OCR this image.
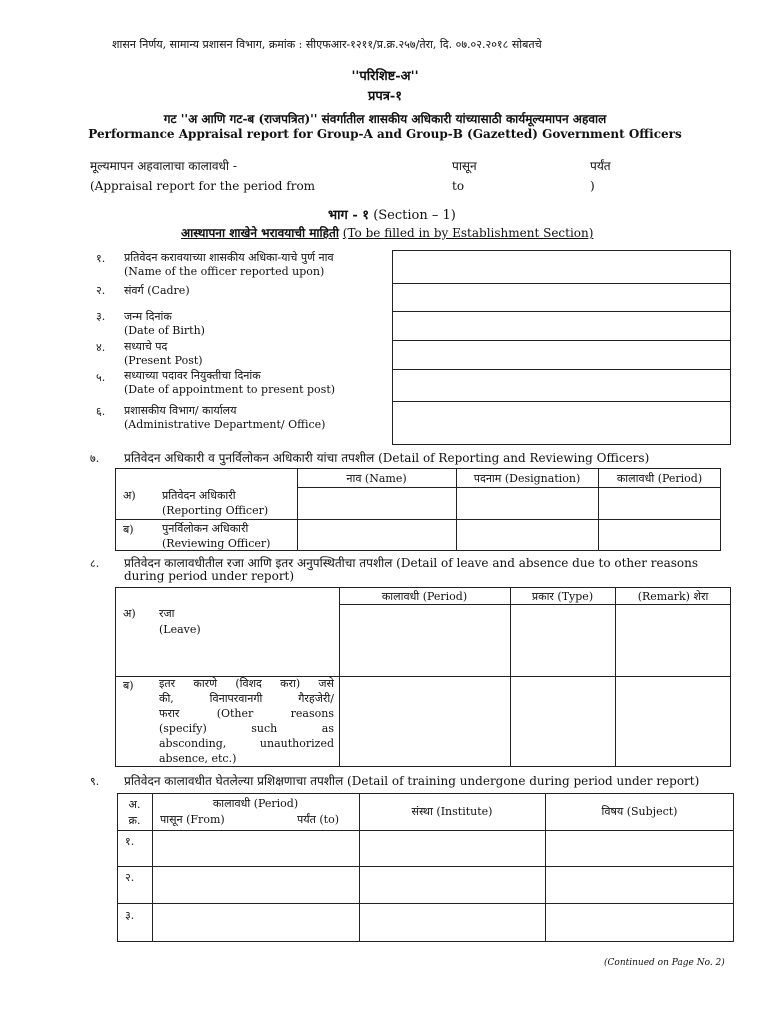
शासन निर्णय, सामान्य प्रशासन विभाग, क्रमांक : सीएफआर-१२११/प्र.क्र.२५७/तेरा, दि. ०७.०२.२०१८ सोबतचे
''परिशिष्ट-अ''
प्रपत्र-१
गट ''अ आणि गट-ब (राजपत्रित)'' संवर्गातील शासकीय अधिकारी यांच्यासाठी कार्यमूल्यमापन अहवाल
Performance Appraisal report for Group-A and Group-B (Gazetted) Government Officers
मूल्यमापन अहवालाचा कालावधी -	पासून	पर्यंत
(Appraisal report for the period from	to	)
भाग - १ (Section – 1)
आस्थापना शाखेने भरावयाची माहिती (To be filled in by Establishment Section)
१. प्रतिवेदन करावयाच्या शासकीय अधिका-याचे पुर्ण नाव
(Name of the officer reported upon)
२. संवर्ग (Cadre)
३. जन्म दिनांक
(Date of Birth)
४. सध्याचे पद
(Present Post)
५. सध्याच्या पदावर नियुक्तीचा दिनांक
(Date of appointment to present post)
६. प्रशासकीय विभाग/ कार्यालय
(Administrative Department/ Office)
७. प्रतिवेदन अधिकारी व पुनर्विलोकन अधिकारी यांचा तपशील (Detail of Reporting and Reviewing Officers)
नाव (Name)	पदनाम (Designation)	कालावधी (Period)
अ) प्रतिवेदन अधिकारी
(Reporting Officer)
ब)	पुनर्विलोकन अधिकारी
(Reviewing Officer)
८. प्रतिवेदन कालावधीतील रजा आणि इतर अनुपस्थितीचा तपशील (Detail of leave and absence due to other reasons
during period under report)
कालावधी (Period)	प्रकार (Type)	(Remark) शेरा
अ) रजा
(Leave)
ब) इतर कारणे (विशद करा) जसे
की, विनापरवानगी गैरहजेरी/
फरार (Other reasons
(specify) such as
absconding, unauthorized
absence, etc.)
९. प्रतिवेदन कालावधीत घेतलेल्या प्रशिक्षणाचा तपशील (Detail of training undergone during period under report)
अ.
क्र.
कालावधी (Period)
पासून (From)	पर्यंत (to)
संस्था (Institute)	विषय (Subject)
१.
२.
३.
(Continued on Page No. 2)
